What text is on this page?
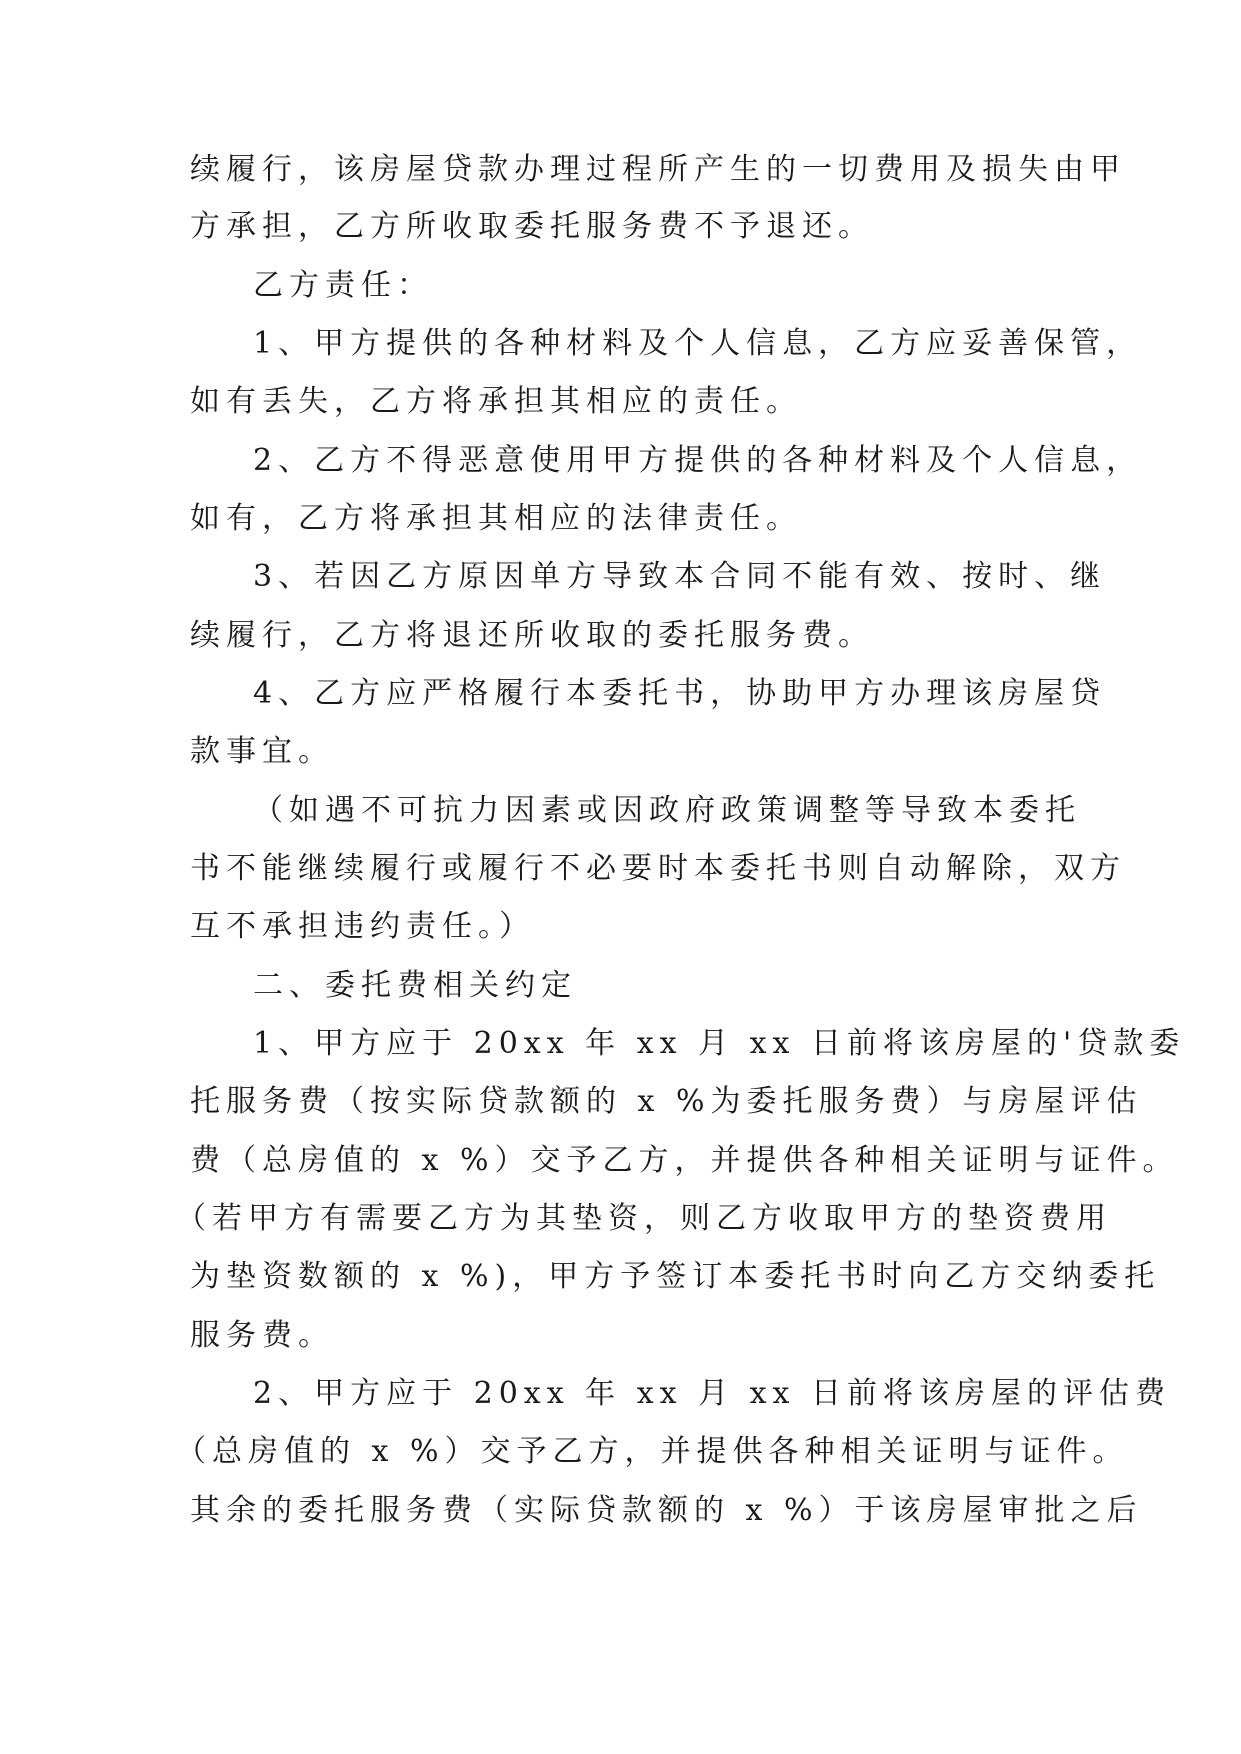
续履行，该房屋贷款办理过程所产生的一切费用及损失由甲
方承担，乙方所收取委托服务费不予退还。
乙方责任：
1、甲方提供的各种材料及个人信息，乙方应妥善保管，
如有丢失，乙方将承担其相应的责任。
2、乙方不得恶意使用甲方提供的各种材料及个人信息，
如有，乙方将承担其相应的法律责任。
3、若因乙方原因单方导致本合同不能有效、按时、继
续履行，乙方将退还所收取的委托服务费。
4、乙方应严格履行本委托书，协助甲方办理该房屋贷
款事宜。
（如遇不可抗力因素或因政府政策调整等导致本委托
书不能继续履行或履行不必要时本委托书则自动解除，双方
互不承担违约责任。）
二、委托费相关约定
1、甲方应于 20xx 年 xx 月 xx 日前将该房屋的'贷款委
托服务费（按实际贷款额的 x %为委托服务费）与房屋评估
费（总房值的 x %）交予乙方，并提供各种相关证明与证件。
（若甲方有需要乙方为其垫资，则乙方收取甲方的垫资费用
为垫资数额的 x %)，甲方予签订本委托书时向乙方交纳委托
服务费。
2、甲方应于 20xx 年 xx 月 xx 日前将该房屋的评估费
（总房值的 x %）交予乙方，并提供各种相关证明与证件。
其余的委托服务费（实际贷款额的 x %）于该房屋审批之后
